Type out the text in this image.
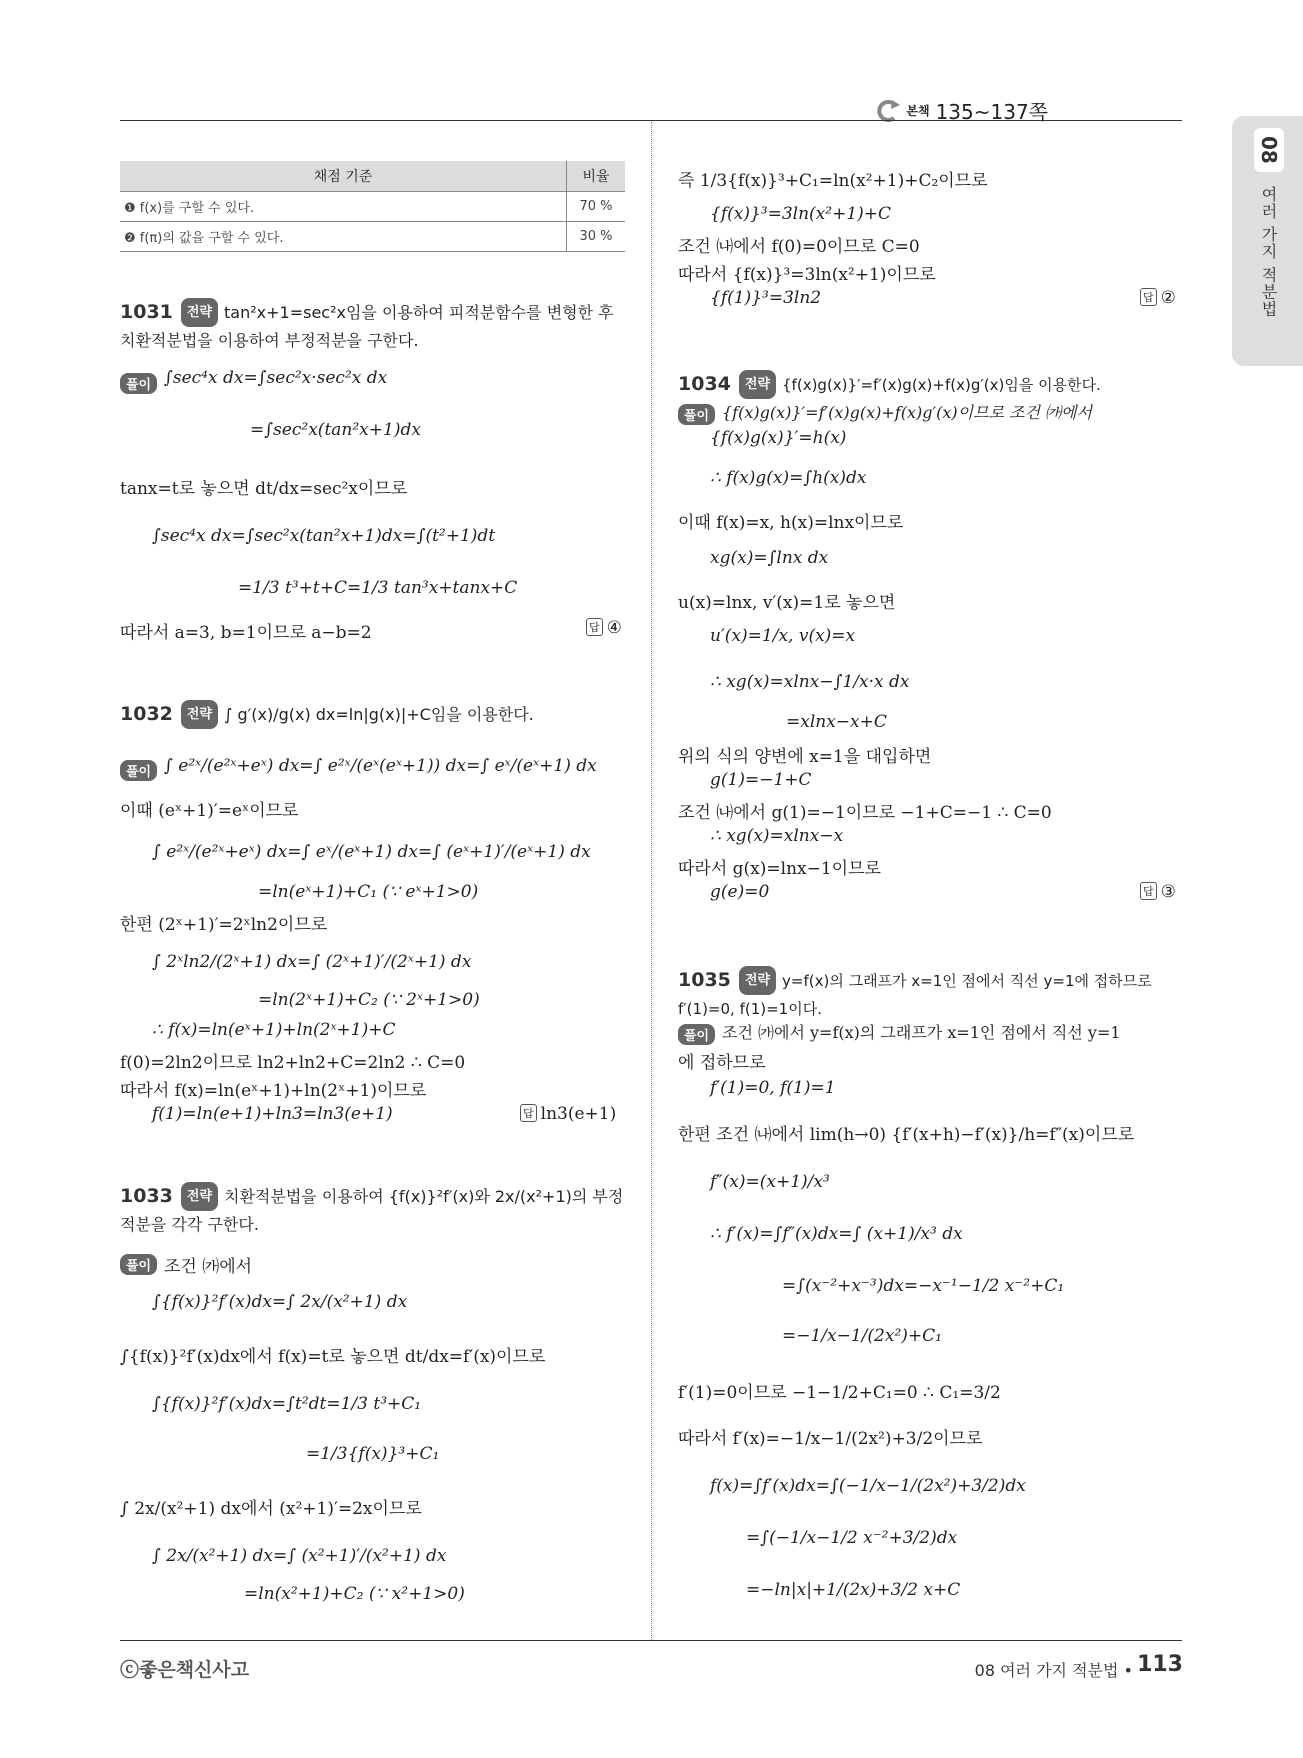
본책 135~137쪽
08
여러 가지 적분법
채점 기준	비율
❶ f(x)를 구할 수 있다.	70 %
❷ f(π)의 값을 구할 수 있다.	30 %
1031 전략 tan²x+1=sec²x임을 이용하여 피적분함수를 변형한 후 치환적분법을 이용하여 부정적분을 구한다.
풀이 ∫sec⁴x dx=∫sec²x·sec²x dx
=∫sec²x(tan²x+1)dx
tanx=t로 놓으면 dt/dx=sec²x이므로
∫sec⁴x dx=∫sec²x(tan²x+1)dx=∫(t²+1)dt
=1/3 t³+t+C=1/3 tan³x+tanx+C
따라서 a=3, b=1이므로 a−b=2	답 ④
1032 전략 ∫ g′(x)/g(x) dx=ln|g(x)|+C임을 이용한다.
풀이 ∫ e²ˣ/(e²ˣ+eˣ) dx=∫ e²ˣ/(eˣ(eˣ+1)) dx=∫ eˣ/(eˣ+1) dx
이때 (eˣ+1)′=eˣ이므로
∫ e²ˣ/(e²ˣ+eˣ) dx=∫ eˣ/(eˣ+1) dx=∫ (eˣ+1)′/(eˣ+1) dx
=ln(eˣ+1)+C₁ (∵ eˣ+1>0)
한편 (2ˣ+1)′=2ˣln2이므로
∫ 2ˣln2/(2ˣ+1) dx=∫ (2ˣ+1)′/(2ˣ+1) dx
=ln(2ˣ+1)+C₂ (∵ 2ˣ+1>0)
∴ f(x)=ln(eˣ+1)+ln(2ˣ+1)+C
f(0)=2ln2이므로 ln2+ln2+C=2ln2 ∴ C=0
따라서 f(x)=ln(eˣ+1)+ln(2ˣ+1)이므로
f(1)=ln(e+1)+ln3=ln3(e+1)	답 ln3(e+1)
1033 전략 치환적분법을 이용하여 {f(x)}²f′(x)와 2x/(x²+1)의 부정적분을 각각 구한다.
풀이 조건 ㈎에서
∫{f(x)}²f′(x)dx=∫ 2x/(x²+1) dx
∫{f(x)}²f′(x)dx에서 f(x)=t로 놓으면 dt/dx=f′(x)이므로
∫{f(x)}²f′(x)dx=∫t²dt=1/3 t³+C₁
=1/3{f(x)}³+C₁
∫ 2x/(x²+1) dx에서 (x²+1)′=2x이므로
∫ 2x/(x²+1) dx=∫ (x²+1)′/(x²+1) dx
=ln(x²+1)+C₂ (∵ x²+1>0)
즉 1/3{f(x)}³+C₁=ln(x²+1)+C₂이므로
{f(x)}³=3ln(x²+1)+C
조건 ㈏에서 f(0)=0이므로 C=0
따라서 {f(x)}³=3ln(x²+1)이므로
{f(1)}³=3ln2	답 ②
1034 전략 {f(x)g(x)}′=f′(x)g(x)+f(x)g′(x)임을 이용한다.
풀이 {f(x)g(x)}′=f′(x)g(x)+f(x)g′(x)이므로 조건 ㈎에서
{f(x)g(x)}′=h(x)
∴ f(x)g(x)=∫h(x)dx
이때 f(x)=x, h(x)=lnx이므로
xg(x)=∫lnx dx
u(x)=lnx, v′(x)=1로 놓으면
u′(x)=1/x, v(x)=x
∴ xg(x)=xlnx−∫1/x·x dx
=xlnx−x+C
위의 식의 양변에 x=1을 대입하면
g(1)=−1+C
조건 ㈏에서 g(1)=−1이므로 −1+C=−1 ∴ C=0
∴ xg(x)=xlnx−x
따라서 g(x)=lnx−1이므로
g(e)=0	답 ③
1035 전략 y=f(x)의 그래프가 x=1인 점에서 직선 y=1에 접하므로 f′(1)=0, f(1)=1이다.
풀이 조건 ㈎에서 y=f(x)의 그래프가 x=1인 점에서 직선 y=1
에 접하므로
f′(1)=0, f(1)=1
한편 조건 ㈏에서 lim(h→0) {f′(x+h)−f′(x)}/h=f″(x)이므로
f″(x)=(x+1)/x³
∴ f′(x)=∫f″(x)dx=∫ (x+1)/x³ dx
=∫(x⁻²+x⁻³)dx=−x⁻¹−1/2 x⁻²+C₁
=−1/x−1/(2x²)+C₁
f′(1)=0이므로 −1−1/2+C₁=0 ∴ C₁=3/2
따라서 f′(x)=−1/x−1/(2x²)+3/2이므로
f(x)=∫f′(x)dx=∫(−1/x−1/(2x²)+3/2)dx
=∫(−1/x−1/2 x⁻²+3/2)dx
=−ln|x|+1/(2x)+3/2 x+C
ⓒ좋은책신사고	08 여러 가지 적분법 • 113
